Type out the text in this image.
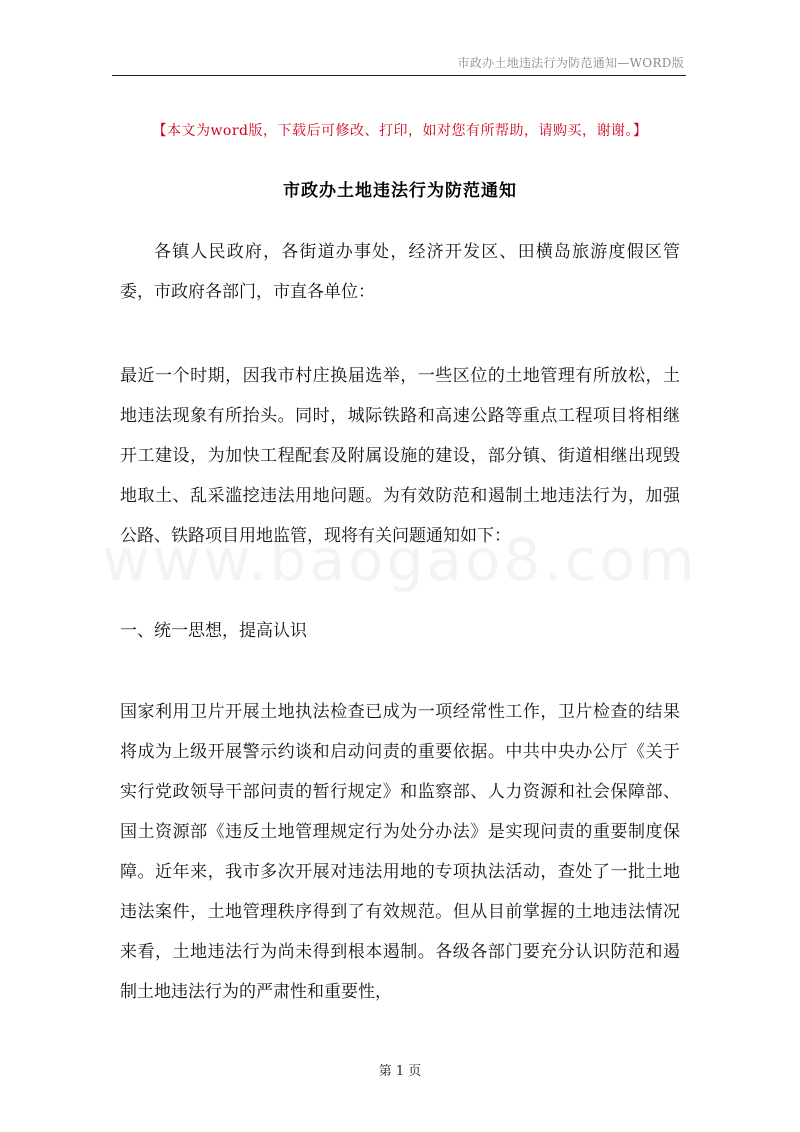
市政办土地违法行为防范通知—WORD版
【本文为word版，下载后可修改、打印，如对您有所帮助，请购买，谢谢。】
市政办土地违法行为防范通知
各镇人民政府，各街道办事处，经济开发区、田横岛旅游度假区管委，市政府各部门，市直各单位：
最近一个时期，因我市村庄换届选举，一些区位的土地管理有所放松，土地违法现象有所抬头。同时，城际铁路和高速公路等重点工程项目将相继开工建设，为加快工程配套及附属设施的建设，部分镇、街道相继出现毁地取土、乱采滥挖违法用地问题。为有效防范和遏制土地违法行为，加强公路、铁路项目用地监管，现将有关问题通知如下：
一、统一思想，提高认识
国家利用卫片开展土地执法检查已成为一项经常性工作，卫片检查的结果将成为上级开展警示约谈和启动问责的重要依据。中共中央办公厅《关于实行党政领导干部问责的暂行规定》和监察部、人力资源和社会保障部、国土资源部《违反土地管理规定行为处分办法》是实现问责的重要制度保障。近年来，我市多次开展对违法用地的专项执法活动，查处了一批土地违法案件，土地管理秩序得到了有效规范。但从目前掌握的土地违法情况来看，土地违法行为尚未得到根本遏制。各级各部门要充分认识防范和遏制土地违法行为的严肃性和重要性，
第 1 页
